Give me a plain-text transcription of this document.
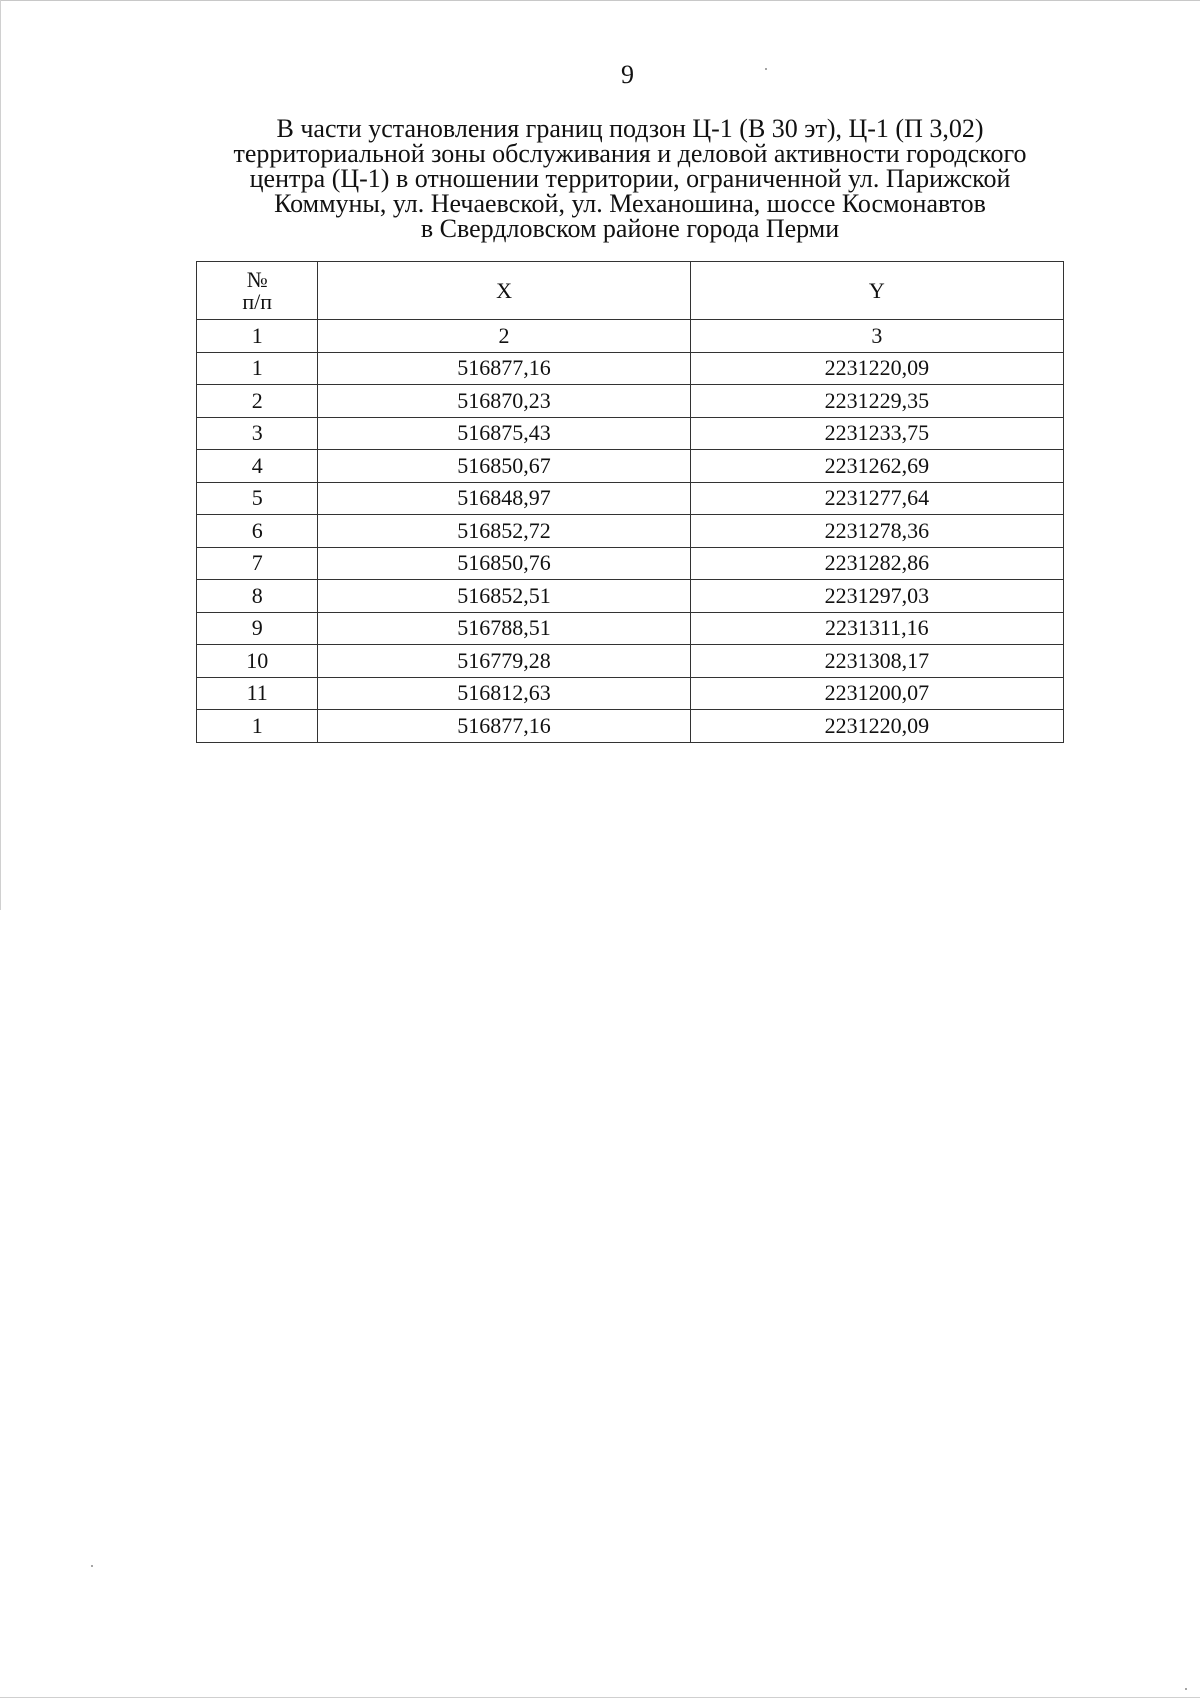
9
В части установления границ подзон Ц-1 (В 30 эт), Ц-1 (П 3,02)
территориальной зоны обслуживания и деловой активности городского
центра (Ц-1) в отношении территории, ограниченной ул. Парижской
Коммуны, ул. Нечаевской, ул. Механошина, шоссе Космонавтов
в Свердловском районе города Перми
№
п/п	X	Y
1	2	3
1	516877,16	2231220,09
2	516870,23	2231229,35
3	516875,43	2231233,75
4	516850,67	2231262,69
5	516848,97	2231277,64
6	516852,72	2231278,36
7	516850,76	2231282,86
8	516852,51	2231297,03
9	516788,51	2231311,16
10	516779,28	2231308,17
11	516812,63	2231200,07
1	516877,16	2231220,09
